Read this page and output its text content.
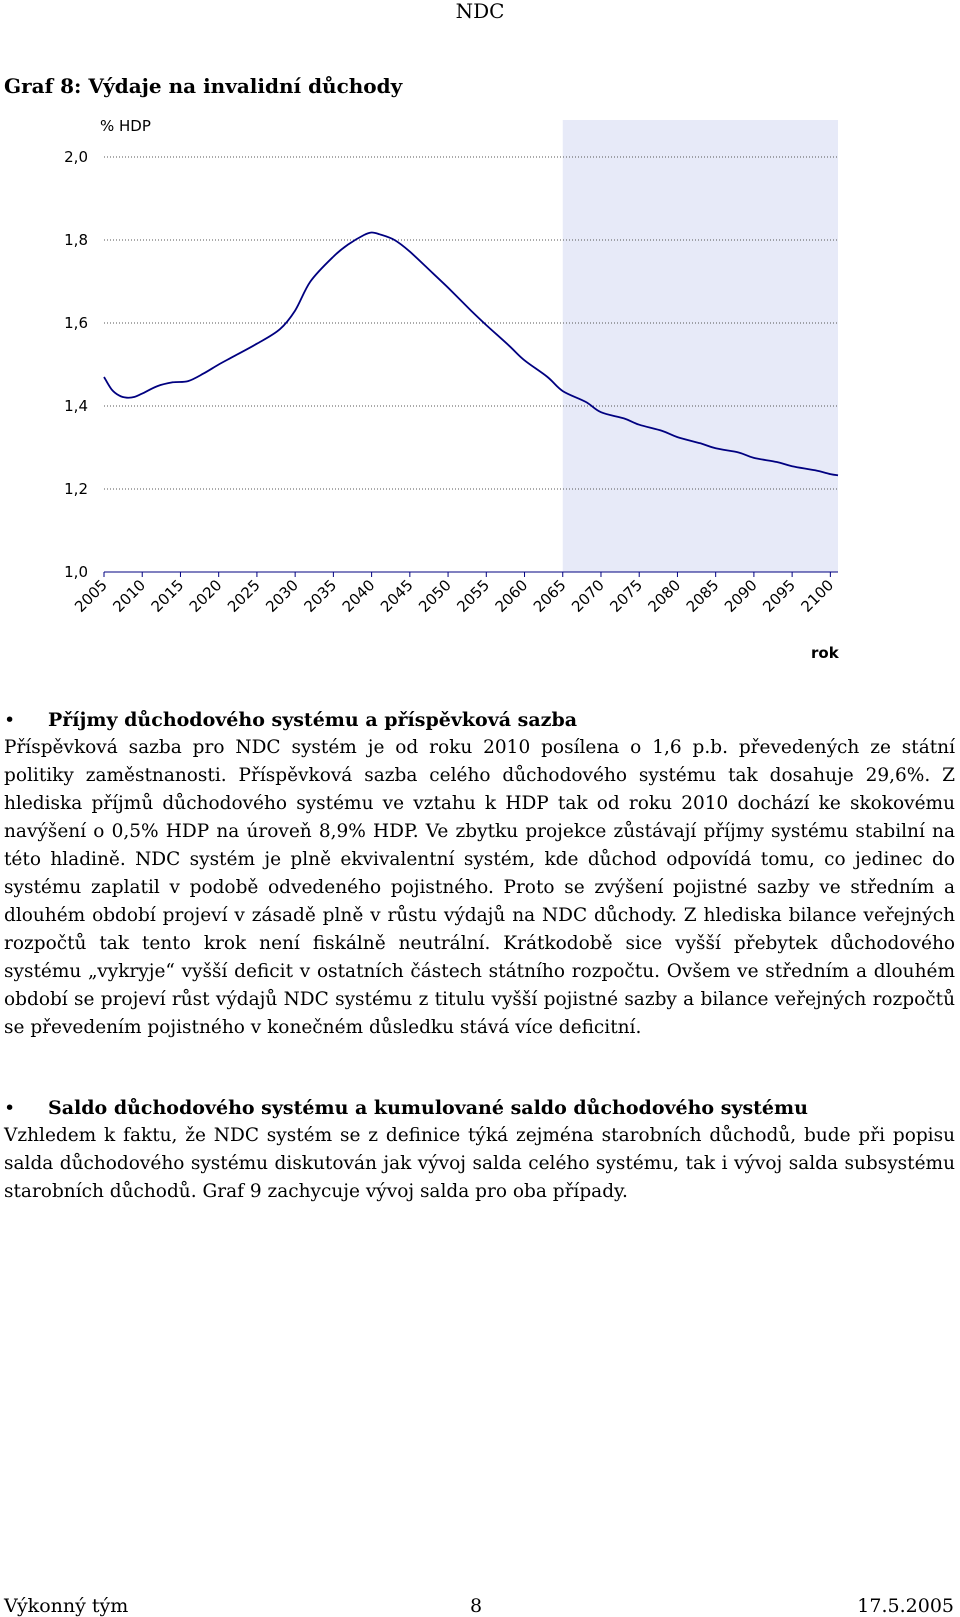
NDC
Graf 8: Výdaje na invalidní důchody
2,0
1,8
1,6
1,4
1,2
1,0
2005
2010
2015
2020
2025
2030
2035
2040
2045
2050
2055
2060
2065
2070
2075
2080
2085
2090
2095
2100
% HDP
rok
• Příjmy důchodového systému a příspěvková sazba
Příspěvková sazba pro NDC systém je od roku 2010 posílena o 1,6 p.b. převedených ze státní politiky zaměstnanosti. Příspěvková sazba celého důchodového systému tak dosahuje 29,6%. Z hlediska příjmů důchodového systému ve vztahu k HDP tak od roku 2010 dochází ke skokovému navýšení o 0,5% HDP na úroveň 8,9% HDP. Ve zbytku projekce zůstávají příjmy systému stabilní na této hladině. NDC systém je plně ekvivalentní systém, kde důchod odpovídá tomu, co jedinec do systému zaplatil v podobě odvedeného pojistného. Proto se zvýšení pojistné sazby ve středním a dlouhém období projeví v zásadě plně v růstu výdajů na NDC důchody. Z hlediska bilance veřejných rozpočtů tak tento krok není fiskálně neutrální. Krátkodobě sice vyšší přebytek důchodového systému „vykryje“ vyšší deficit v ostatních částech státního rozpočtu. Ovšem ve středním a dlouhém období se projeví růst výdajů NDC systému z titulu vyšší pojistné sazby a bilance veřejných rozpočtů se převedením pojistného v konečném důsledku stává více deficitní.
• Saldo důchodového systému a kumulované saldo důchodového systému
Vzhledem k faktu, že NDC systém se z definice týká zejména starobních důchodů, bude při popisu salda důchodového systému diskutován jak vývoj salda celého systému, tak i vývoj salda subsystému starobních důchodů. Graf 9 zachycuje vývoj salda pro oba případy.
Výkonný tým	8	17.5.2005
